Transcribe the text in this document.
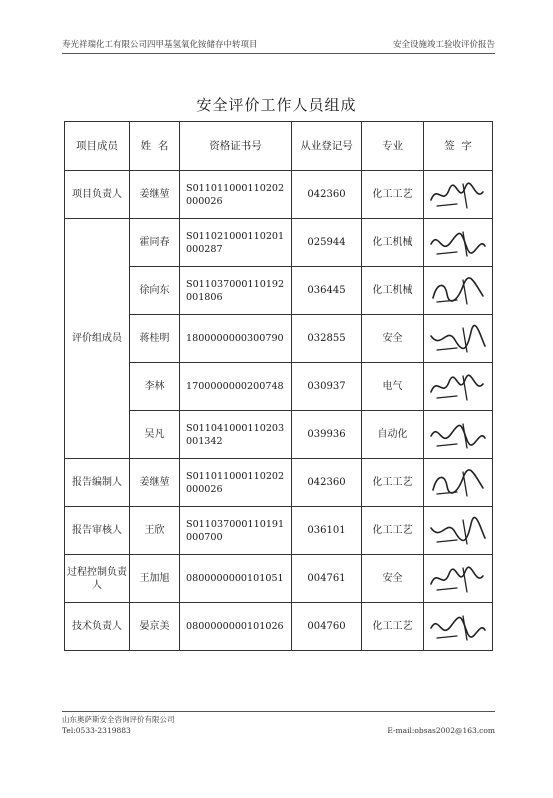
寿光祥瑞化工有限公司四甲基氢氧化铵储存中转项目	安全设施竣工验收评价报告
安全评价工作人员组成
项目成员	姓  名	资格证书号	从业登记号	专业	签  字
项目负责人	姜继堃	S011011000110202000026	042360	化工工艺	

评价组成员	霍同春	S011021000110201000287	025944	化工机械	

	徐向东	S011037000110192001806	036445	化工机械	

	蒋桂明	1800000000300790	032855	安全	

	李林	1700000000200748	030937	电气	

	吴凡	S011041000110203001342	039936	自动化	

报告编制人	姜继堃	S011011000110202000026	042360	化工工艺	

报告审核人	王欣	S011037000110191000700	036101	化工工艺	

过程控制负责人	王加旭	0800000000101051	004761	安全	

技术负责人	晏京美	0800000000101026	004760	化工工艺	
山东奥萨斯安全咨询评价有限公司
Tel:0533-2319883	E-mail:obsas2002@163.com
